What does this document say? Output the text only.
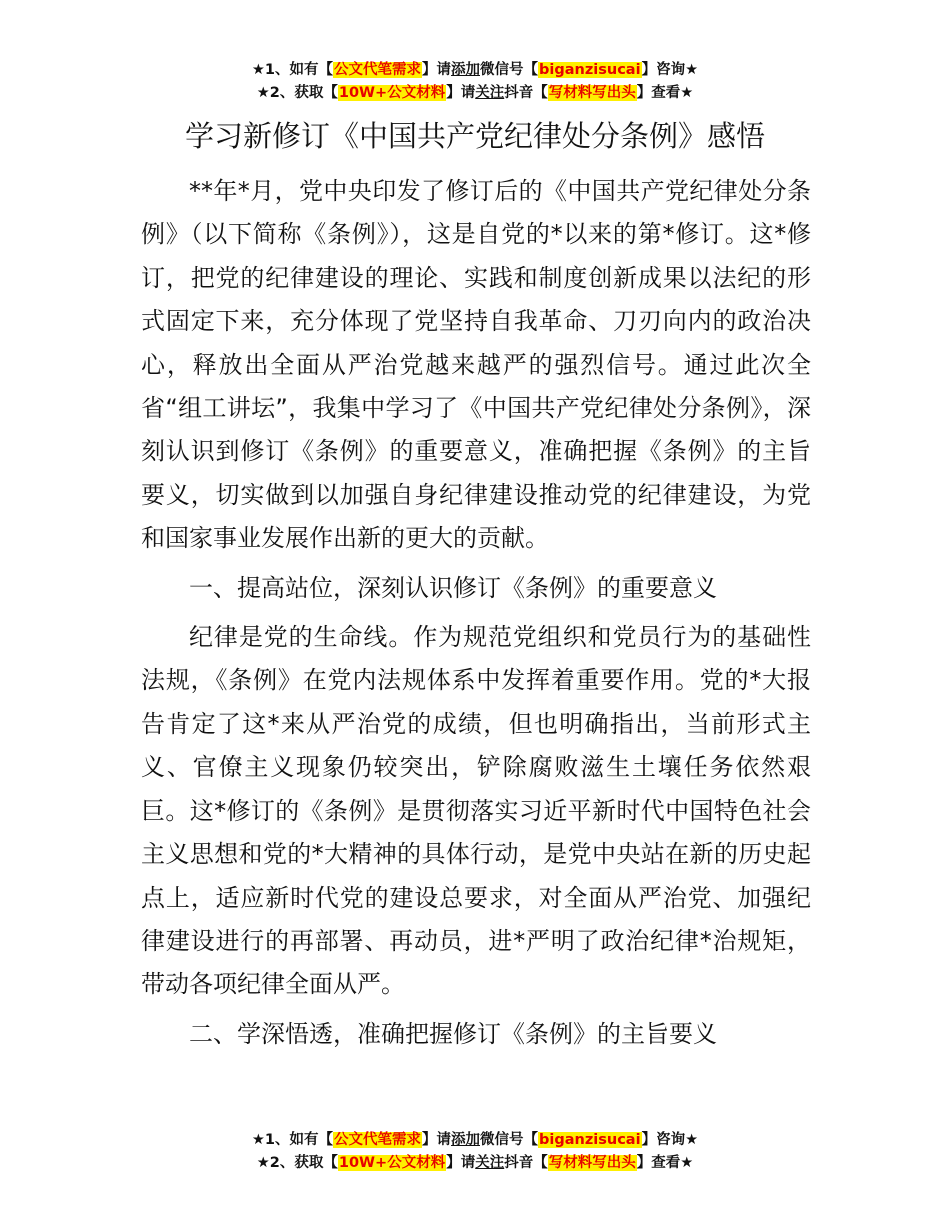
★1、如有【公文代笔需求】请添加微信号【biganzisucai】咨询★
★2、获取【10W+公文材料】请关注抖音【写材料写出头】查看★
学习新修订《中国共产党纪律处分条例》感悟

**年*月，党中央印发了修订后的《中国共产党纪律处分条例》（以下简称《条例》），这是自党的*以来的第*修订。这*修订，把党的纪律建设的理论、实践和制度创新成果以法纪的形式固定下来，充分体现了党坚持自我革命、刀刃向内的政治决心，释放出全面从严治党越来越严的强烈信号。通过此次全省“组工讲坛”，我集中学习了《中国共产党纪律处分条例》，深刻认识到修订《条例》的重要意义，准确把握《条例》的主旨要义，切实做到以加强自身纪律建设推动党的纪律建设，为党和国家事业发展作出新的更大的贡献。

一、提高站位，深刻认识修订《条例》的重要意义

纪律是党的生命线。作为规范党组织和党员行为的基础性法规，《条例》在党内法规体系中发挥着重要作用。党的*大报告肯定了这*来从严治党的成绩，但也明确指出，当前形式主义、官僚主义现象仍较突出，铲除腐败滋生土壤任务依然艰巨。这*修订的《条例》是贯彻落实习近平新时代中国特色社会主义思想和党的*大精神的具体行动，是党中央站在新的历史起点上，适应新时代党的建设总要求，对全面从严治党、加强纪律建设进行的再部署、再动员，进*严明了政治纪律*治规矩，带动各项纪律全面从严。

二、学深悟透，准确把握修订《条例》的主旨要义

★1、如有【公文代笔需求】请添加微信号【biganzisucai】咨询★
★2、获取【10W+公文材料】请关注抖音【写材料写出头】查看★
